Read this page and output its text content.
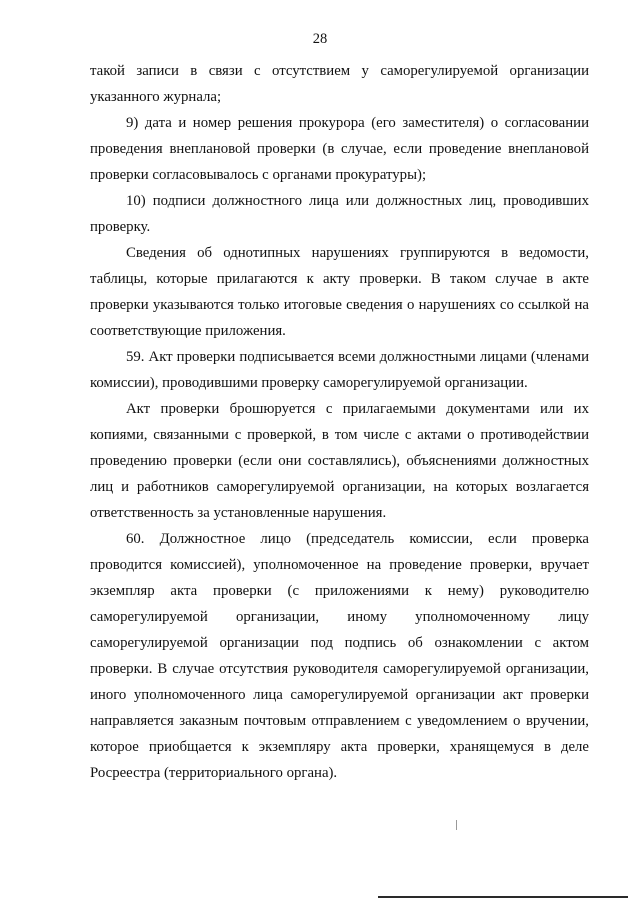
28

такой записи в связи с отсутствием у саморегулируемой организации указанного журнала;

9) дата и номер решения прокурора (его заместителя) о согласовании проведения внеплановой проверки (в случае, если проведение внеплановой проверки согласовывалось с органами прокуратуры);

10) подписи должностного лица или должностных лиц, проводивших проверку.

Сведения об однотипных нарушениях группируются в ведомости, таблицы, которые прилагаются к акту проверки. В таком случае в акте проверки указываются только итоговые сведения о нарушениях со ссылкой на соответствующие приложения.

59. Акт проверки подписывается всеми должностными лицами (членами комиссии), проводившими проверку саморегулируемой организации.

Акт проверки брошюруется с прилагаемыми документами или их копиями, связанными с проверкой, в том числе с актами о противодействии проведению проверки (если они составлялись), объяснениями должностных лиц и работников саморегулируемой организации, на которых возлагается ответственность за установленные нарушения.

60. Должностное лицо (председатель комиссии, если проверка проводится комиссией), уполномоченное на проведение проверки, вручает экземпляр акта проверки (с приложениями к нему) руководителю саморегулируемой организации, иному уполномоченному лицу саморегулируемой организации под подпись об ознакомлении с актом проверки. В случае отсутствия руководителя саморегулируемой организации, иного уполномоченного лица саморегулируемой организации акт проверки направляется заказным почтовым отправлением с уведомлением о вручении, которое приобщается к экземпляру акта проверки, хранящемуся в деле Росреестра (территориального органа).
